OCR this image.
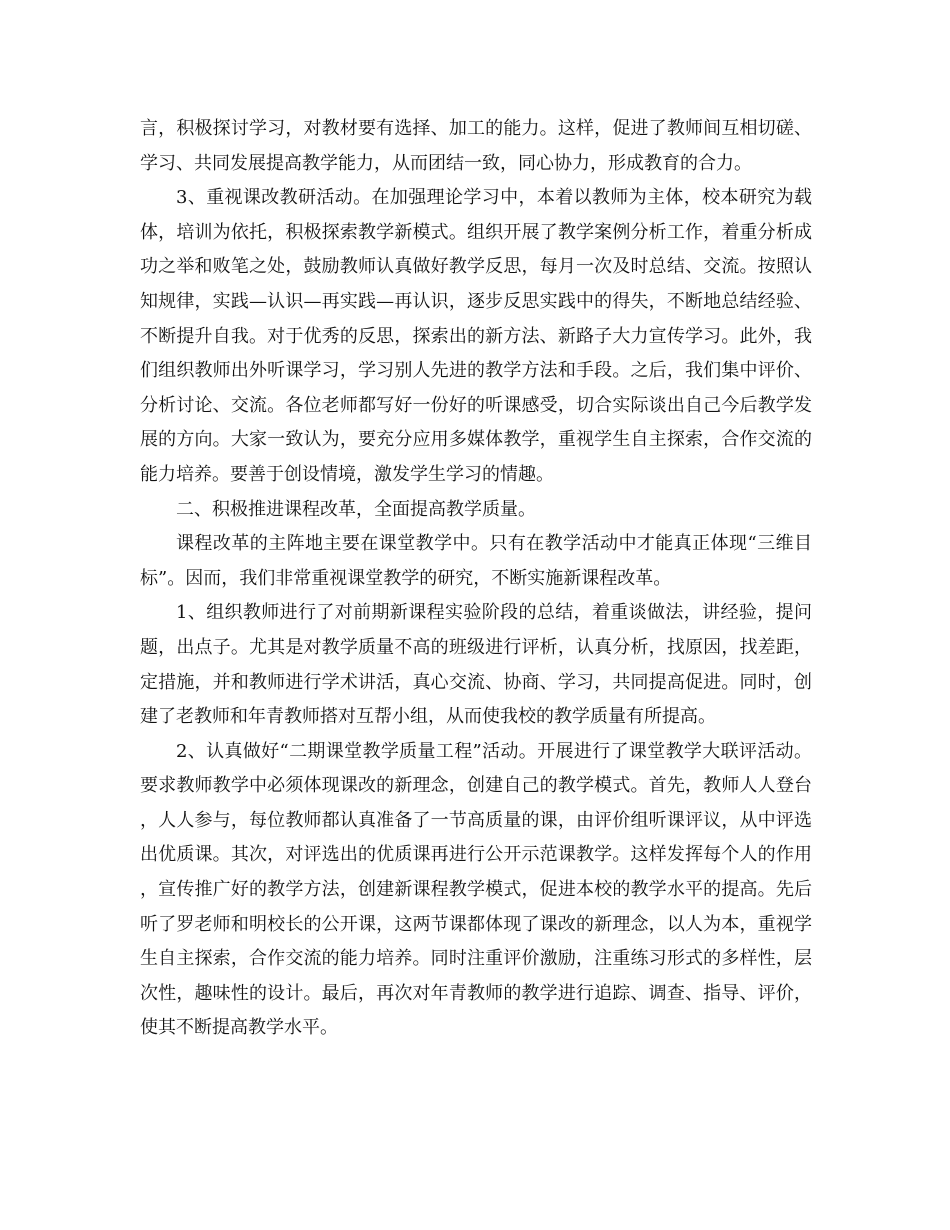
言，积极探讨学习，对教材要有选择、加工的能力。这样，促进了教师间互相切磋、学习、共同发展提高教学能力，从而团结一致，同心协力，形成教育的合力。

3、重视课改教研活动。在加强理论学习中，本着以教师为主体，校本研究为载体，培训为依托，积极探索教学新模式。组织开展了教学案例分析工作，着重分析成功之举和败笔之处，鼓励教师认真做好教学反思，每月一次及时总结、交流。按照认知规律，实践—认识—再实践—再认识，逐步反思实践中的得失，不断地总结经验、不断提升自我。对于优秀的反思，探索出的新方法、新路子大力宣传学习。此外，我们组织教师出外听课学习，学习别人先进的教学方法和手段。之后，我们集中评价、分析讨论、交流。各位老师都写好一份好的听课感受，切合实际谈出自己今后教学发展的方向。大家一致认为，要充分应用多媒体教学，重视学生自主探索，合作交流的能力培养。要善于创设情境，激发学生学习的情趣。

二、积极推进课程改革，全面提高教学质量。

课程改革的主阵地主要在课堂教学中。只有在教学活动中才能真正体现“三维目标”。因而，我们非常重视课堂教学的研究，不断实施新课程改革。

1、组织教师进行了对前期新课程实验阶段的总结，着重谈做法，讲经验，提问题，出点子。尤其是对教学质量不高的班级进行评析，认真分析，找原因，找差距，定措施，并和教师进行学术讲活，真心交流、协商、学习，共同提高促进。同时，创建了老教师和年青教师搭对互帮小组，从而使我校的教学质量有所提高。

2、认真做好“二期课堂教学质量工程”活动。开展进行了课堂教学大联评活动。要求教师教学中必须体现课改的新理念，创建自己的教学模式。首先，教师人人登台，人人参与，每位教师都认真准备了一节高质量的课，由评价组听课评议，从中评选出优质课。其次，对评选出的优质课再进行公开示范课教学。这样发挥每个人的作用，宣传推广好的教学方法，创建新课程教学模式，促进本校的教学水平的提高。先后听了罗老师和明校长的公开课，这两节课都体现了课改的新理念，以人为本，重视学生自主探索，合作交流的能力培养。同时注重评价激励，注重练习形式的多样性，层次性，趣味性的设计。最后，再次对年青教师的教学进行追踪、调查、指导、评价，使其不断提高教学水平。
